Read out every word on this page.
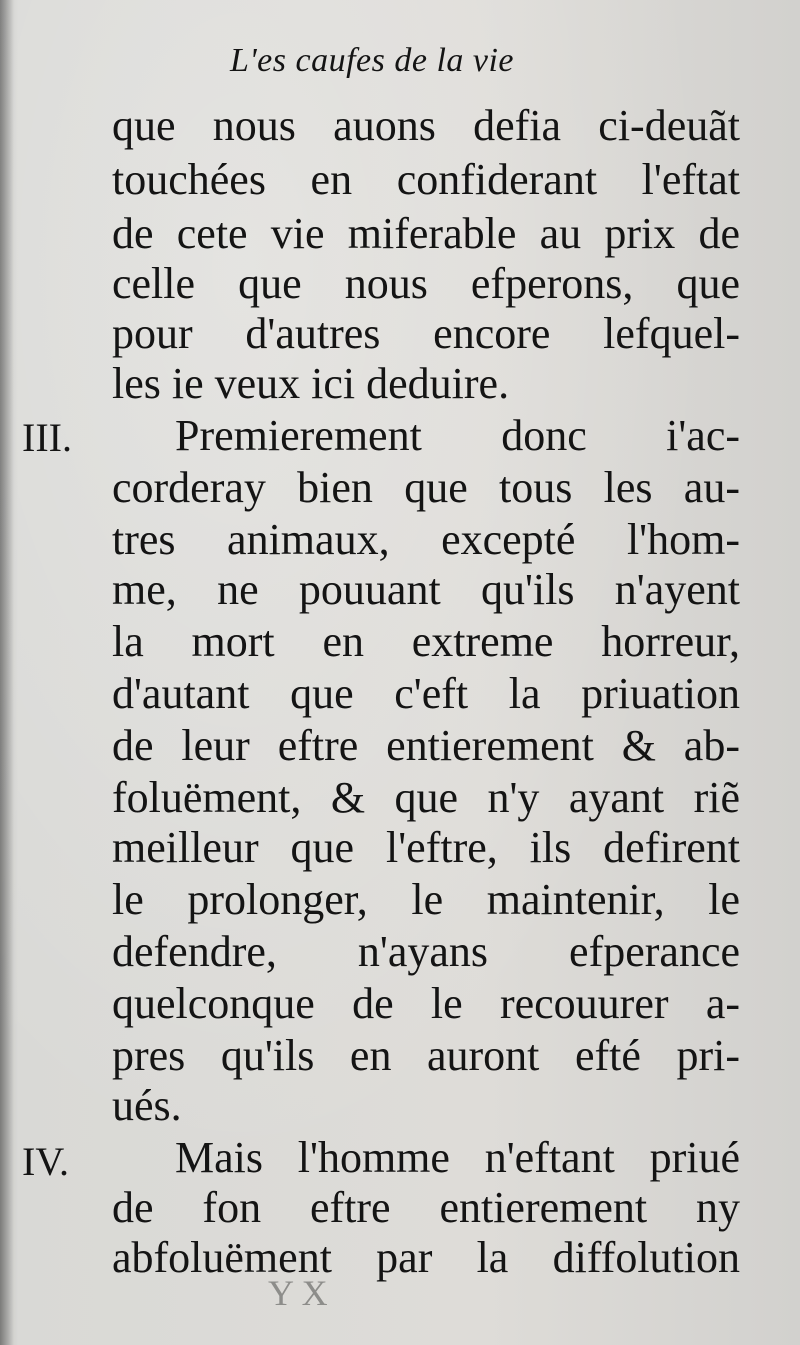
L'es caufes de la vie
que nous auons defia ci-deuãt
touchées en confiderant l'eftat
de cete vie miferable au prix de
celle que nous efperons, que
pour d'autres encore lefquel-
les ie veux ici deduire.
III. Premierement donc i'ac-
corderay bien que tous les au-
tres animaux, excepté l'hom-
me, ne pouuant qu'ils n'ayent
la mort en extreme horreur,
d'autant que c'eft la priuation
de leur eftre entierement & ab-
foluëment, & que n'y ayant riẽ
meilleur que l'eftre, ils defirent
le prolonger, le maintenir, le
defendre, n'ayans efperance
quelconque de le recouurer a-
pres qu'ils en auront efté pri-
ués.
IV. Mais l'homme n'eftant priué
de fon eftre entierement ny
abfoluëment par la diffolution
Y X
